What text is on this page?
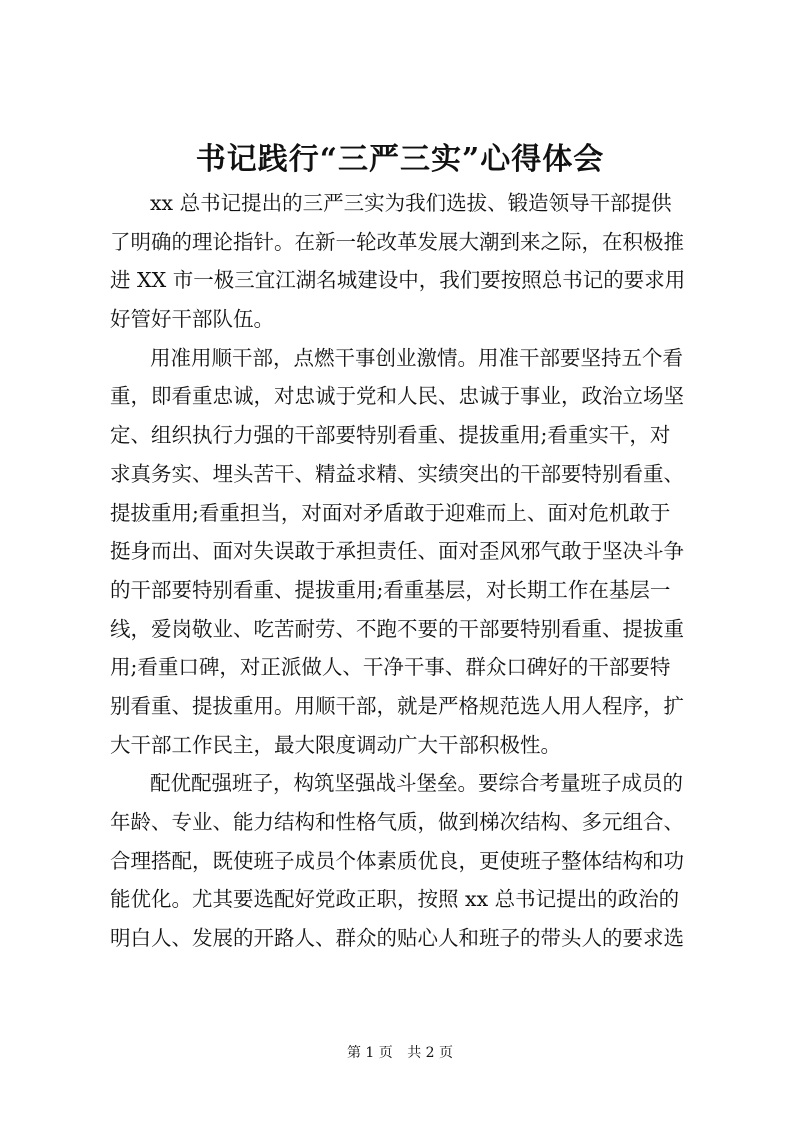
书记践行“三严三实”心得体会
xx 总书记提出的三严三实为我们选拔、锻造领导干部提供
了明确的理论指针。在新一轮改革发展大潮到来之际，在积极推
进 XX 市一极三宜江湖名城建设中，我们要按照总书记的要求用
好管好干部队伍。
用准用顺干部，点燃干事创业激情。用准干部要坚持五个看
重，即看重忠诚，对忠诚于党和人民、忠诚于事业，政治立场坚
定、组织执行力强的干部要特别看重、提拔重用;看重实干，对
求真务实、埋头苦干、精益求精、实绩突出的干部要特别看重、
提拔重用;看重担当，对面对矛盾敢于迎难而上、面对危机敢于
挺身而出、面对失误敢于承担责任、面对歪风邪气敢于坚决斗争
的干部要特别看重、提拔重用;看重基层，对长期工作在基层一
线，爱岗敬业、吃苦耐劳、不跑不要的干部要特别看重、提拔重
用;看重口碑，对正派做人、干净干事、群众口碑好的干部要特
别看重、提拔重用。用顺干部，就是严格规范选人用人程序，扩
大干部工作民主，最大限度调动广大干部积极性。
配优配强班子，构筑坚强战斗堡垒。要综合考量班子成员的
年龄、专业、能力结构和性格气质，做到梯次结构、多元组合、
合理搭配，既使班子成员个体素质优良，更使班子整体结构和功
能优化。尤其要选配好党政正职，按照 xx 总书记提出的政治的
明白人、发展的开路人、群众的贴心人和班子的带头人的要求选
第 1 页 共 2 页
